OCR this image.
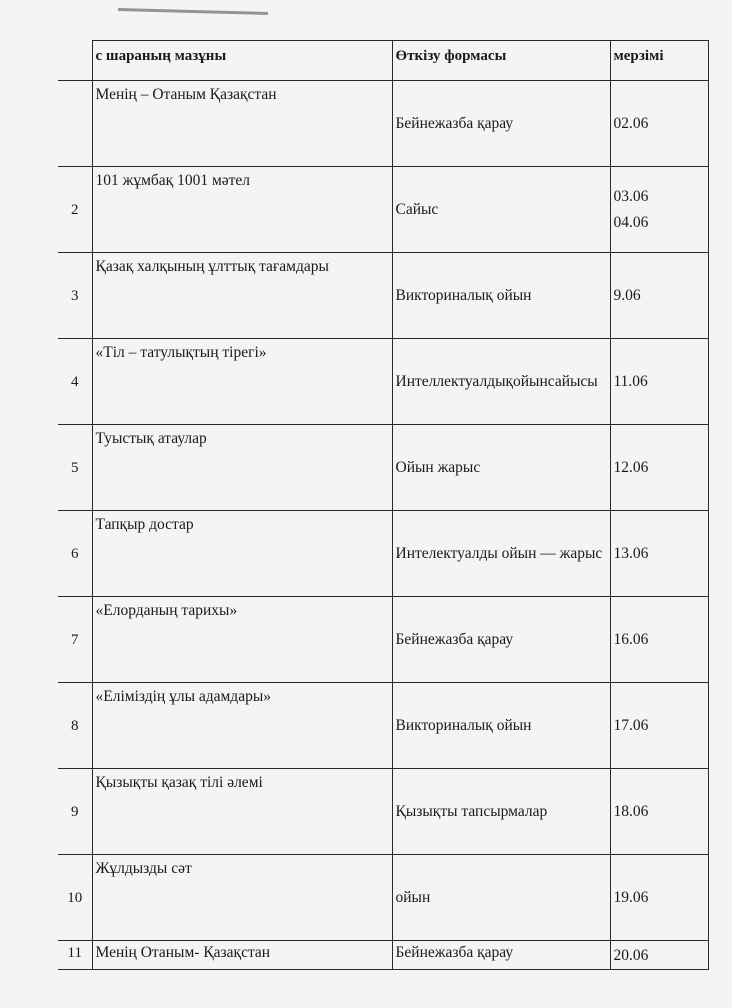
	с шараның мазұны	Өткізу формасы	мерзімі
	Менің – Отаным Қазақстан	Бейнежазба қарау	02.06

2	101 жұмбақ 1001 мәтел	Сайыс	03.06
04.06

3	Қазақ халқының ұлттық тағамдары	Викториналық ойын	9.06

4	«Тіл – татулықтың тірегі»	Интеллектуалдықойынсайысы	11.06

5	Туыстық атаулар	Ойын жарыс	12.06

6	Тапқыр достар	Интелектуалды ойын — жарыс	13.06

7	«Елорданың тарихы»	Бейнежазба қарау	16.06

8	«Еліміздің ұлы адамдары»	Викториналық ойын	17.06

9	Қызықты қазақ тілі әлемі	Қызықты тапсырмалар	18.06

10	Жұлдызды сәт	ойын	19.06

11	Менің Отаным- Қазақстан	Бейнежазба қарау	20.06
